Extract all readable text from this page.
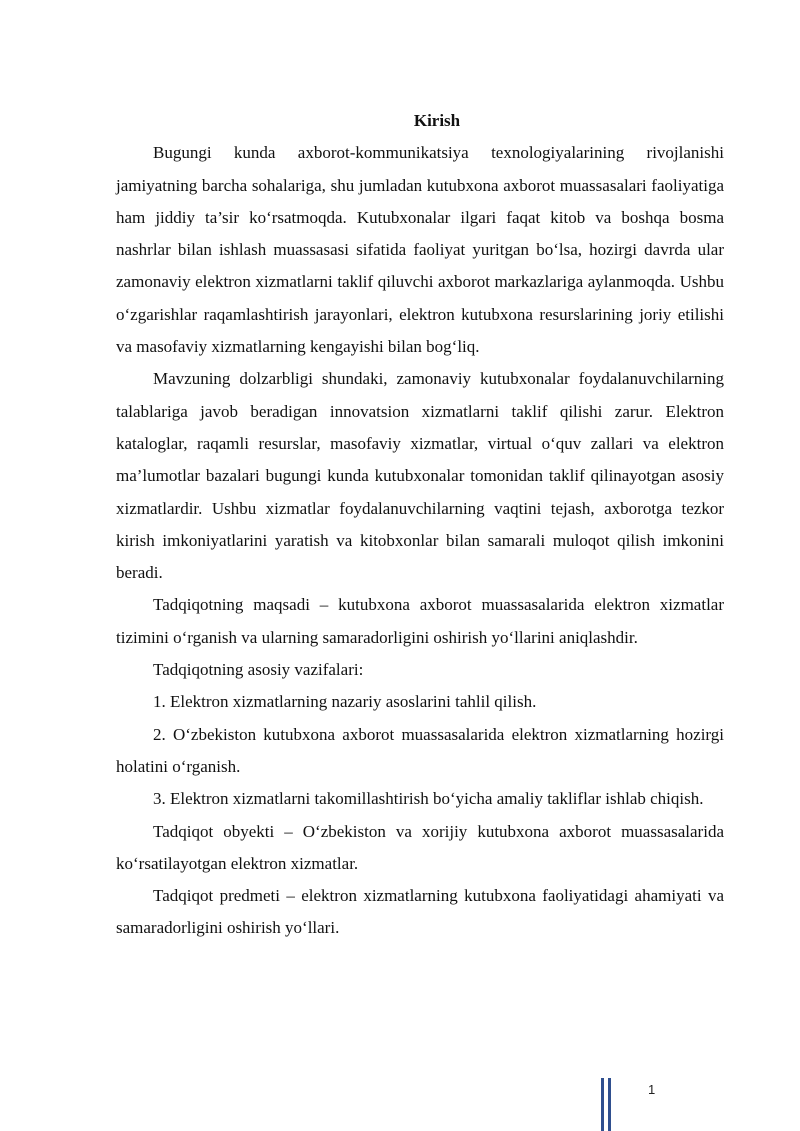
Kirish

Bugungi kunda axborot-kommunikatsiya texnologiyalarining rivojlanishi jamiyatning barcha sohalariga, shu jumladan kutubxona axborot muassasalari faoliyatiga ham jiddiy ta’sir koʻrsatmoqda. Kutubxonalar ilgari faqat kitob va boshqa bosma nashrlar bilan ishlash muassasasi sifatida faoliyat yuritgan boʻlsa, hozirgi davrda ular zamonaviy elektron xizmatlarni taklif qiluvchi axborot markazlariga aylanmoqda. Ushbu oʻzgarishlar raqamlashtirish jarayonlari, elektron kutubxona resurslarining joriy etilishi va masofaviy xizmatlarning kengayishi bilan bogʻliq.

Mavzuning dolzarbligi shundaki, zamonaviy kutubxonalar foydalanuvchilarning talablariga javob beradigan innovatsion xizmatlarni taklif qilishi zarur. Elektron kataloglar, raqamli resurslar, masofaviy xizmatlar, virtual oʻquv zallari va elektron ma’lumotlar bazalari bugungi kunda kutubxonalar tomonidan taklif qilinayotgan asosiy xizmatlardir. Ushbu xizmatlar foydalanuvchilarning vaqtini tejash, axborotga tezkor kirish imkoniyatlarini yaratish va kitobxonlar bilan samarali muloqot qilish imkonini beradi.

Tadqiqotning maqsadi – kutubxona axborot muassasalarida elektron xizmatlar tizimini oʻrganish va ularning samaradorligini oshirish yoʻllarini aniqlashdir.

Tadqiqotning asosiy vazifalari:

1. Elektron xizmatlarning nazariy asoslarini tahlil qilish.

2. Oʻzbekiston kutubxona axborot muassasalarida elektron xizmatlarning hozirgi holatini oʻrganish.

3. Elektron xizmatlarni takomillashtirish boʻyicha amaliy takliflar ishlab chiqish.

Tadqiqot obyekti – Oʻzbekiston va xorijiy kutubxona axborot muassasalarida koʻrsatilayotgan elektron xizmatlar.

Tadqiqot predmeti – elektron xizmatlarning kutubxona faoliyatidagi ahamiyati va samaradorligini oshirish yoʻllari.

1
